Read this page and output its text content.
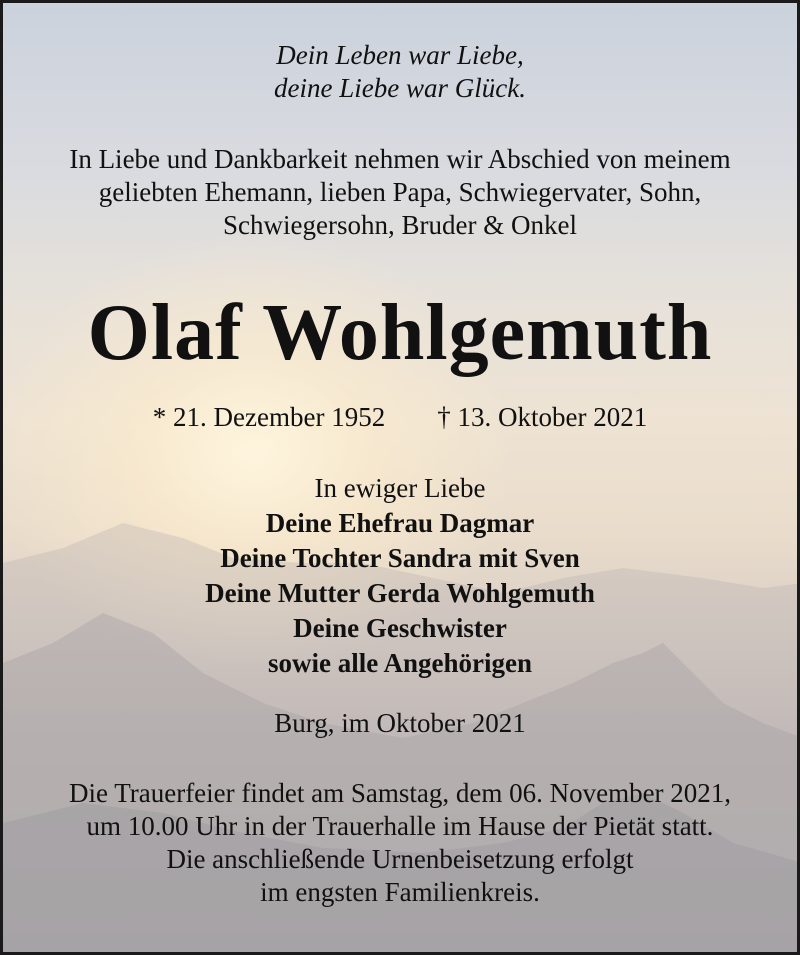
Dein Leben war Liebe,
deine Liebe war Glück.

In Liebe und Dankbarkeit nehmen wir Abschied von meinem
geliebten Ehemann, lieben Papa, Schwiegervater, Sohn,
Schwiegersohn, Bruder & Onkel

Olaf Wohlgemuth

* 21. Dezember 1952 † 13. Oktober 2021

In ewiger Liebe

Deine Ehefrau Dagmar
Deine Tochter Sandra mit Sven
Deine Mutter Gerda Wohlgemuth
Deine Geschwister
sowie alle Angehörigen

Burg, im Oktober 2021

Die Trauerfeier findet am Samstag, dem 06. November 2021,
um 10.00 Uhr in der Trauerhalle im Hause der Pietät statt.
Die anschließende Urnenbeisetzung erfolgt
im engsten Familienkreis.
